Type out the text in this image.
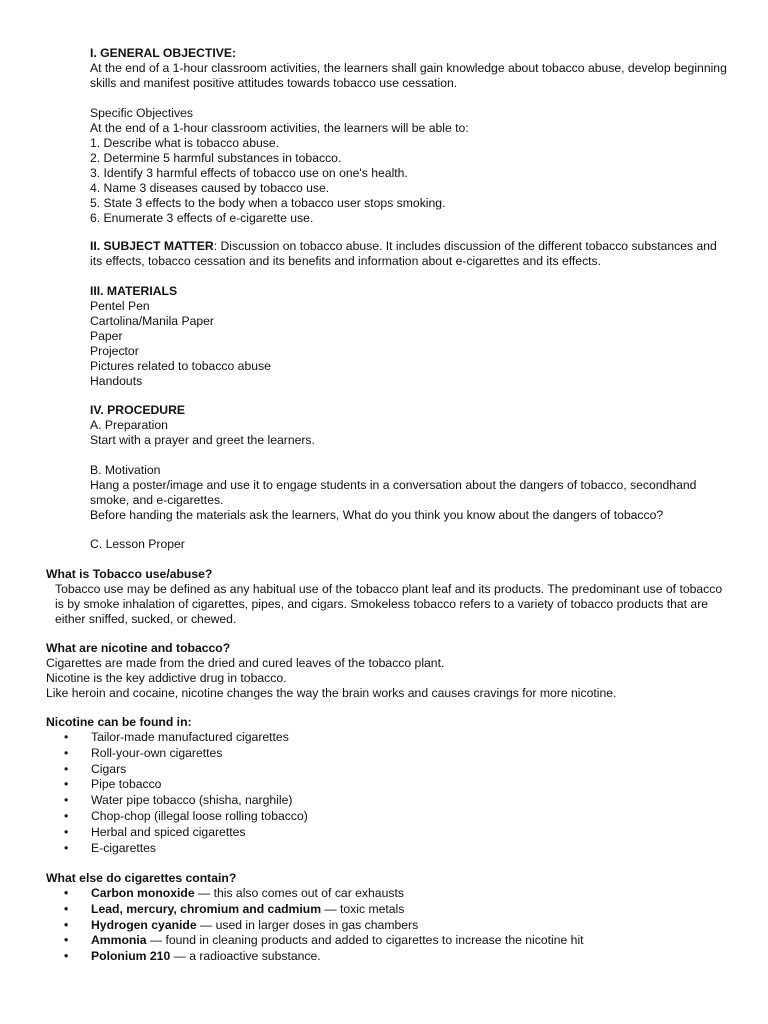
I. GENERAL OBJECTIVE:
At the end of a 1-hour classroom activities, the learners shall gain knowledge about tobacco abuse, develop beginning skills and manifest positive attitudes towards tobacco use cessation.
Specific Objectives
At the end of a 1-hour classroom activities, the learners will be able to:
1. Describe what is tobacco abuse.
2. Determine 5 harmful substances in tobacco.
3. Identify 3 harmful effects of tobacco use on one's health.
4. Name 3 diseases caused by tobacco use.
5. State 3 effects to the body when a tobacco user stops smoking.
6. Enumerate 3 effects of e-cigarette use.
II. SUBJECT MATTER: Discussion on tobacco abuse. It includes discussion of the different tobacco substances and its effects, tobacco cessation and its benefits and information about e-cigarettes and its effects.
III. MATERIALS
Pentel Pen
Cartolina/Manila Paper
Paper
Projector
Pictures related to tobacco abuse
Handouts
IV. PROCEDURE
A. Preparation
Start with a prayer and greet the learners.
B. Motivation
Hang a poster/image and use it to engage students in a conversation about the dangers of tobacco, secondhand smoke, and e-cigarettes.
Before handing the materials ask the learners, What do you think you know about the dangers of tobacco?
C. Lesson Proper
What is Tobacco use/abuse?
Tobacco use may be defined as any habitual use of the tobacco plant leaf and its products. The predominant use of tobacco is by smoke inhalation of cigarettes, pipes, and cigars. Smokeless tobacco refers to a variety of tobacco products that are either sniffed, sucked, or chewed.
What are nicotine and tobacco?
Cigarettes are made from the dried and cured leaves of the tobacco plant.
Nicotine is the key addictive drug in tobacco.
Like heroin and cocaine, nicotine changes the way the brain works and causes cravings for more nicotine.
Nicotine can be found in:
• Tailor-made manufactured cigarettes
• Roll-your-own cigarettes
• Cigars
• Pipe tobacco
• Water pipe tobacco (shisha, narghile)
• Chop-chop (illegal loose rolling tobacco)
• Herbal and spiced cigarettes
• E-cigarettes
What else do cigarettes contain?
• Carbon monoxide — this also comes out of car exhausts
• Lead, mercury, chromium and cadmium — toxic metals
• Hydrogen cyanide — used in larger doses in gas chambers
• Ammonia — found in cleaning products and added to cigarettes to increase the nicotine hit
• Polonium 210 — a radioactive substance.
